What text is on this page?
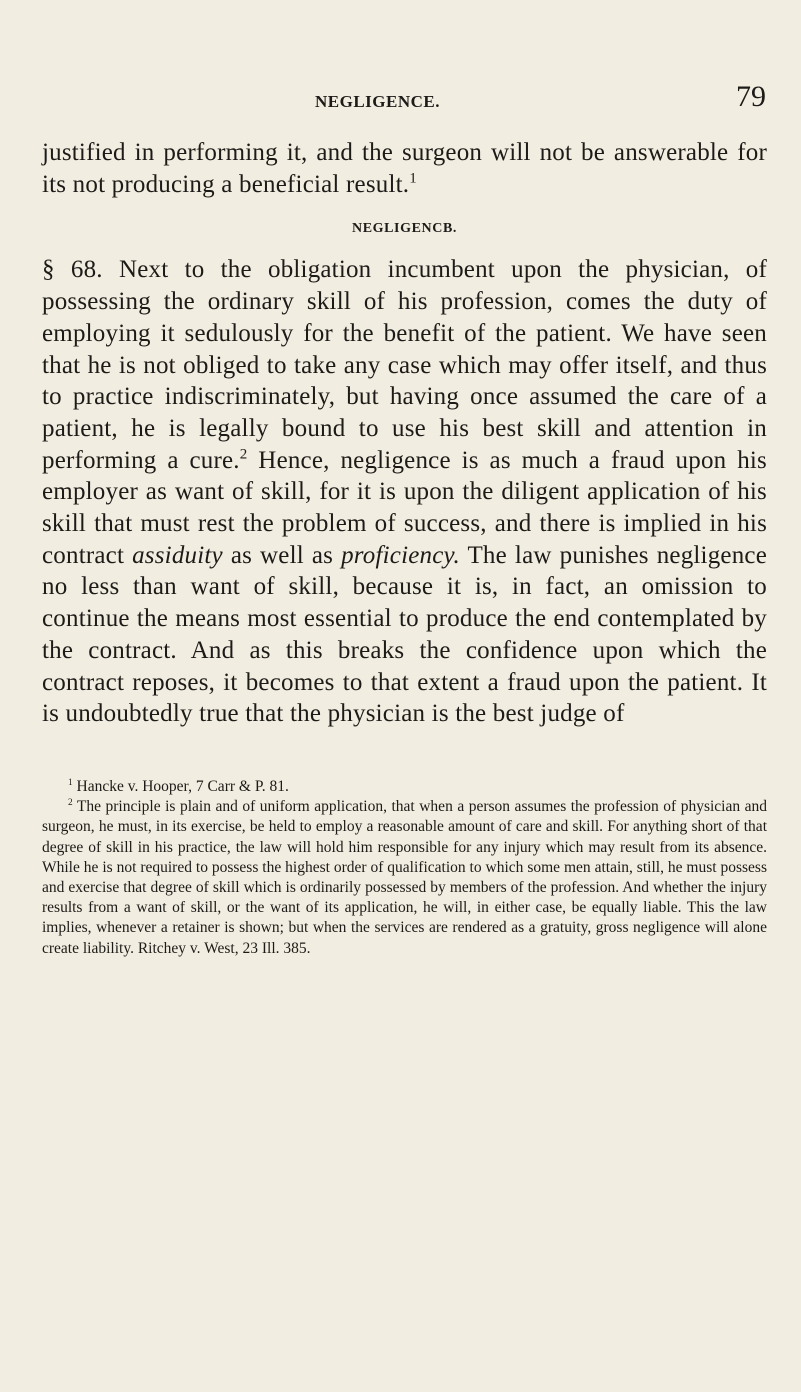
NEGLIGENCE.	79

justified in performing it, and the surgeon will not be answerable for its not producing a beneficial result.$^1$

NEGLIGENCB.

§ 68. Next to the obligation incumbent upon the physician, of possessing the ordinary skill of his profession, comes the duty of employing it sedulously for the benefit of the patient. We have seen that he is not obliged to take any case which may offer itself, and thus to practice indiscriminately, but having once assumed the care of a patient, he is legally bound to use his best skill and attention in performing a cure.$^2$ Hence, negligence is as much a fraud upon his employer as want of skill, for it is upon the diligent application of his skill that must rest the problem of success, and there is implied in his contract assiduity as well as proficiency. The law punishes negligence no less than want of skill, because it is, in fact, an omission to continue the means most essential to produce the end contemplated by the contract. And as this breaks the confidence upon which the contract reposes, it becomes to that extent a fraud upon the patient. It is undoubtedly true that the physician is the best judge of

$^1$ Hancke v. Hooper, 7 Carr & P. 81.

$^2$ The principle is plain and of uniform application, that when a person assumes the profession of physician and surgeon, he must, in its exercise, be held to employ a reasonable amount of care and skill. For anything short of that degree of skill in his practice, the law will hold him responsible for any injury which may result from its absence. While he is not required to possess the highest order of qualification to which some men attain, still, he must possess and exercise that degree of skill which is ordinarily possessed by members of the profession. And whether the injury results from a want of skill, or the want of its application, he will, in either case, be equally liable. This the law implies, whenever a retainer is shown; but when the services are rendered as a gratuity, gross negligence will alone create liability. Ritchey v. West, 23 Ill. 385.
